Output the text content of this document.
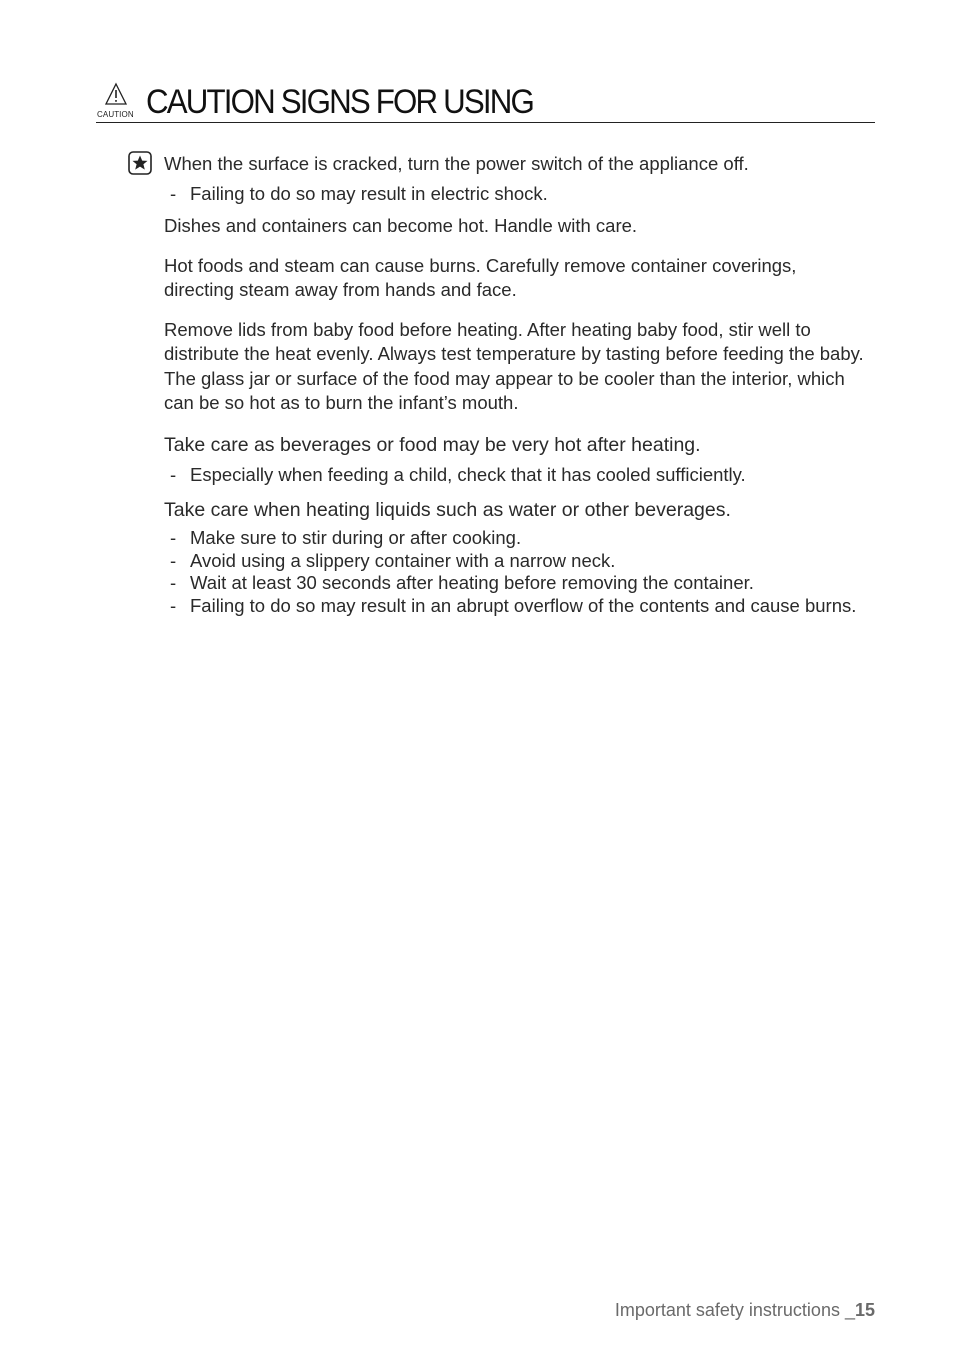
CAUTION CAUTION SIGNS FOR USING

When the surface is cracked, turn the power switch of the appliance off.

- Failing to do so may result in electric shock.

Dishes and containers can become hot. Handle with care.

Hot foods and steam can cause burns. Carefully remove container coverings, directing steam away from hands and face.

Remove lids from baby food before heating. After heating baby food, stir well to distribute the heat evenly. Always test temperature by tasting before feeding the baby. The glass jar or surface of the food may appear to be cooler than the interior, which can be so hot as to burn the infant’s mouth.

Take care as beverages or food may be very hot after heating.

- Especially when feeding a child, check that it has cooled sufficiently.

Take care when heating liquids such as water or other beverages.

- Make sure to stir during or after cooking.

- Avoid using a slippery container with a narrow neck.

- Wait at least 30 seconds after heating before removing the container.

- Failing to do so may result in an abrupt overflow of the contents and cause burns.

Important safety instructions _15
